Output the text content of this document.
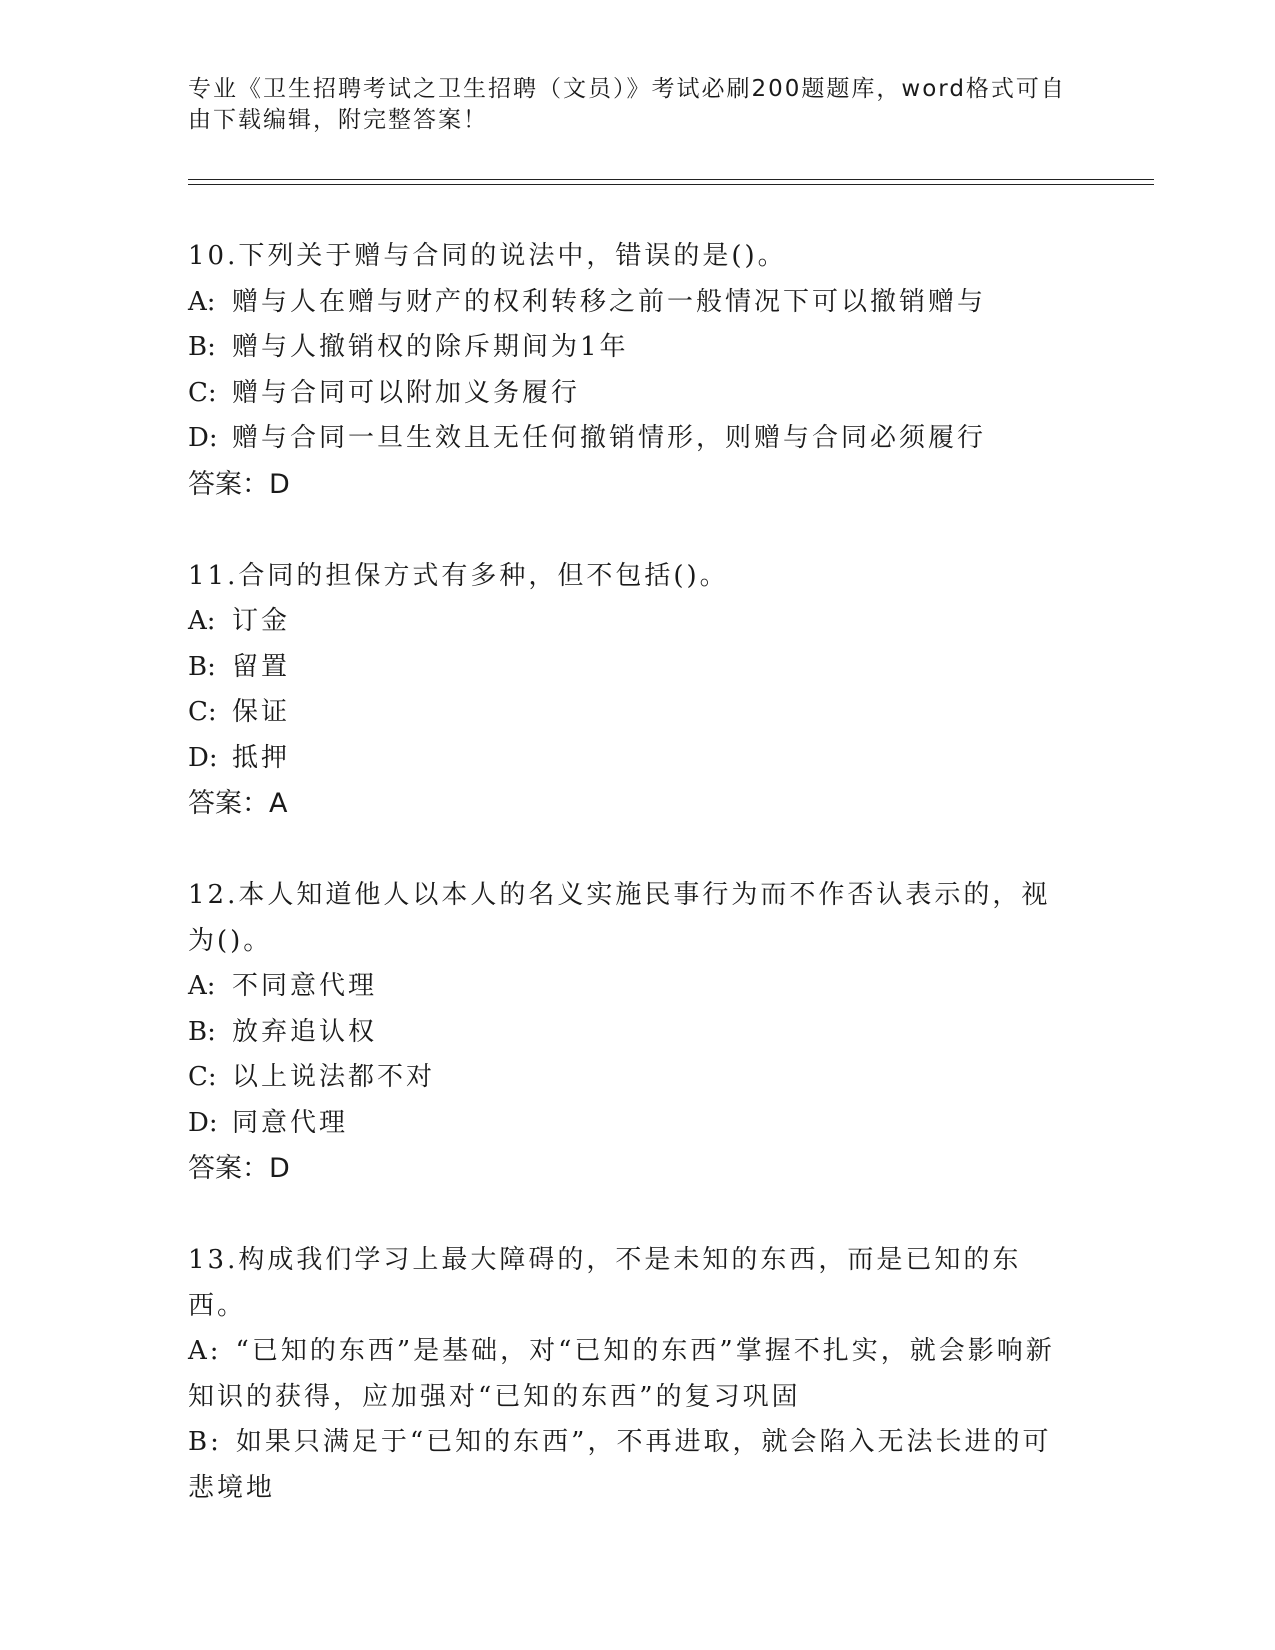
专业《卫生招聘考试之卫生招聘（文员）》考试必刷200题题库，word格式可自
由下载编辑，附完整答案！
10.下列关于赠与合同的说法中，错误的是()。
A: 赠与人在赠与财产的权利转移之前一般情况下可以撤销赠与
B: 赠与人撤销权的除斥期间为1年
C: 赠与合同可以附加义务履行
D: 赠与合同一旦生效且无任何撤销情形，则赠与合同必须履行
答案：D
11.合同的担保方式有多种，但不包括()。
A: 订金
B: 留置
C: 保证
D: 抵押
答案：A
12.本人知道他人以本人的名义实施民事行为而不作否认表示的，视为()。
A: 不同意代理
B: 放弃追认权
C: 以上说法都不对
D: 同意代理
答案：D
13.构成我们学习上最大障碍的，不是未知的东西，而是已知的东西。
A: “已知的东西”是基础，对“已知的东西”掌握不扎实，就会影响新知识的获得，应加强对“已知的东西”的复习巩固
B: 如果只满足于“已知的东西”，不再进取，就会陷入无法长进的可悲境地
